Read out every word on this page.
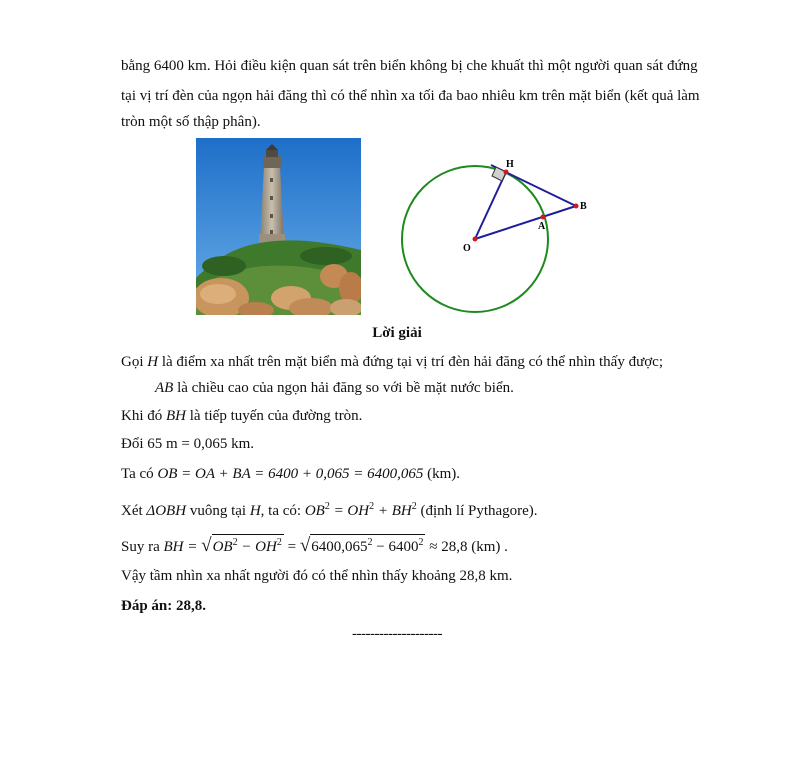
bằng 6400 km. Hỏi điều kiện quan sát trên biển không bị che khuất thì một người quan sát đứng
tại vị trí đèn của ngọn hải đăng thì có thể nhìn xa tối đa bao nhiêu km trên mặt biển (kết quả làm
tròn một số thập phân).
H
B
A
O
Lời giải
Gọi H là điểm xa nhất trên mặt biển mà đứng tại vị trí đèn hải đăng có thể nhìn thấy được;
AB là chiều cao của ngọn hải đăng so với bề mặt nước biển.
Khi đó BH là tiếp tuyến của đường tròn.
Đổi 65 m = 0,065 km.
Ta có OB = OA + BA = 6400 + 0,065 = 6400,065 (km).
Xét ΔOBH vuông tại H, ta có: $OB^2 = OH^2 + BH^2$ (định lí Pythagore).
Suy ra BH = $√OB^2 - OH^2 = √6400,065^2 - 6400^2 \approx 28,8$ (km) .
Vậy tầm nhìn xa nhất người đó có thể nhìn thấy khoảng 28,8 km.
Đáp án: 28,8.
--------------------
